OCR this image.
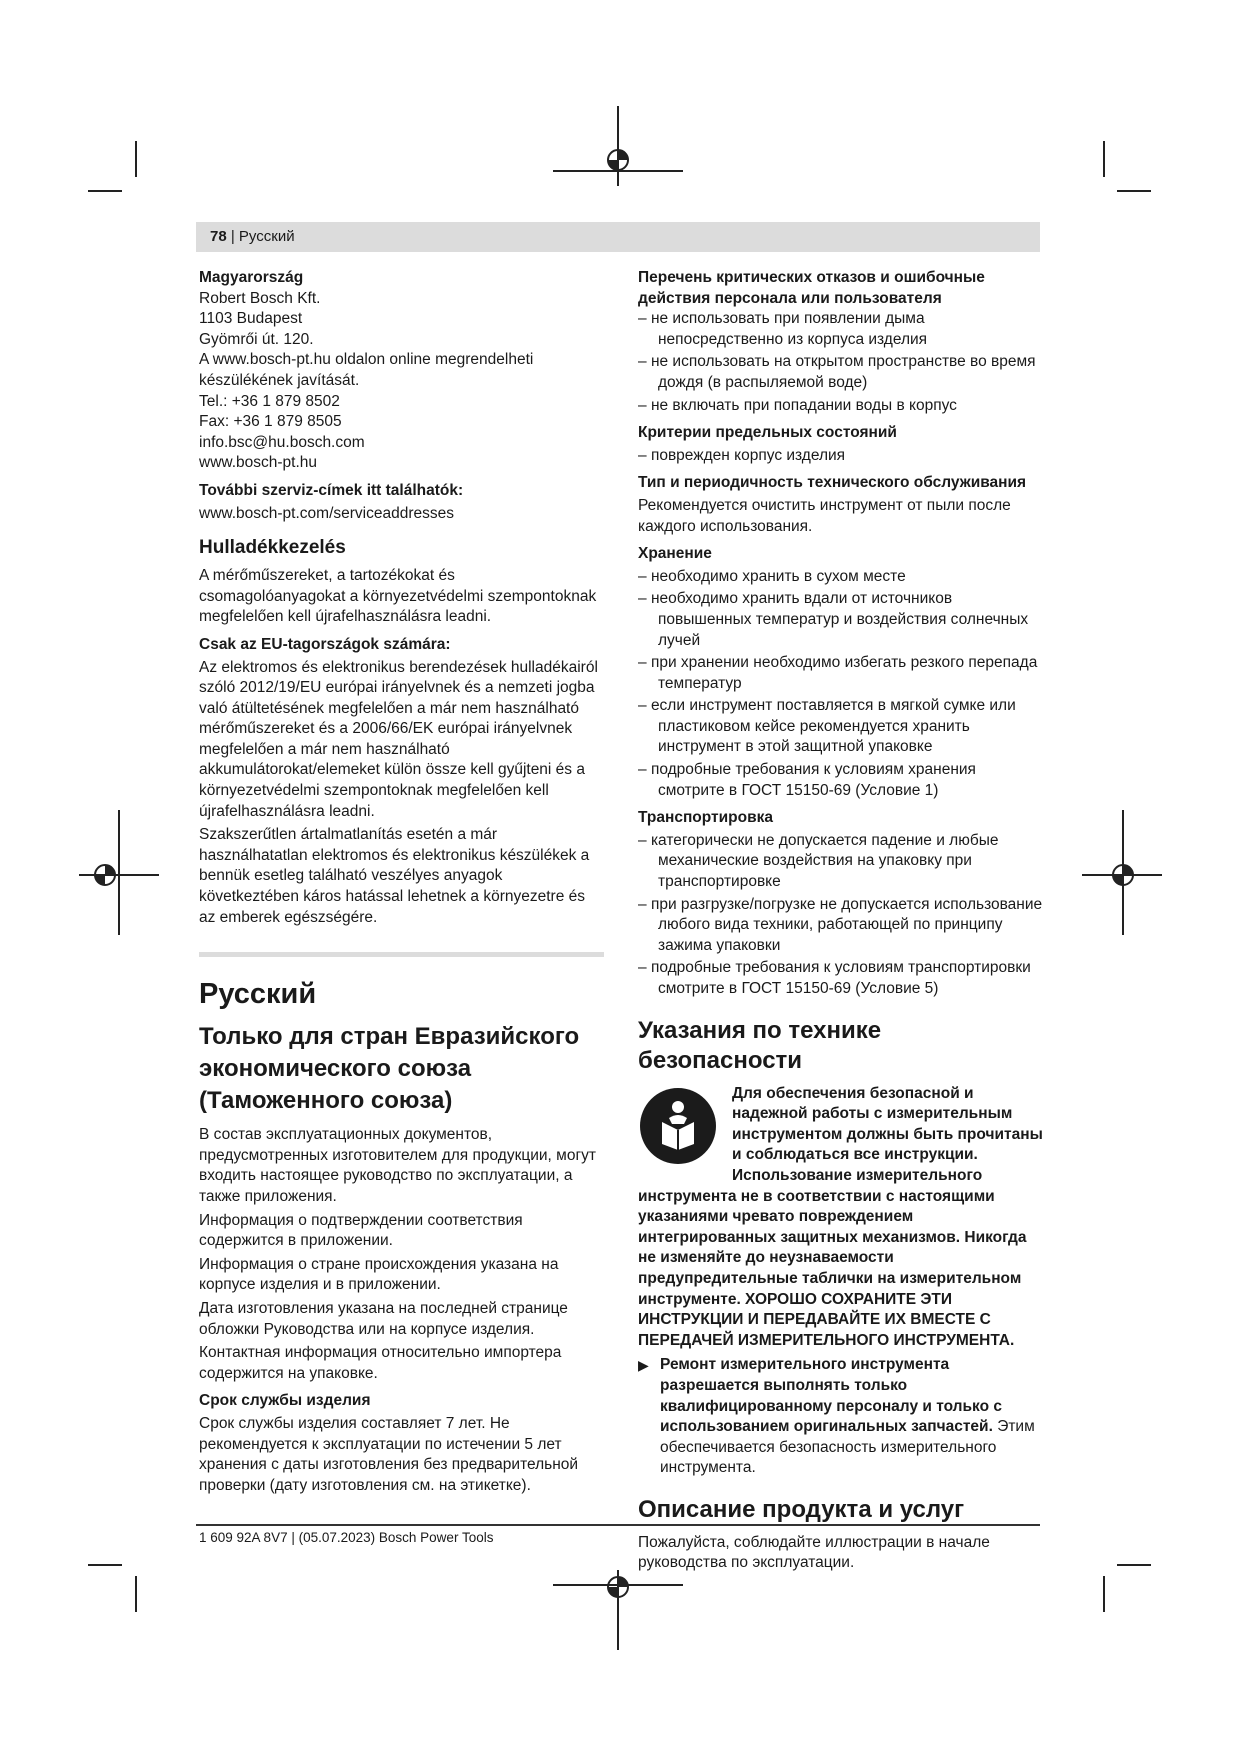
78 | Русский
Magyarország
Robert Bosch Kft.
1103 Budapest
Gyömrői út. 120.
A www.bosch-pt.hu oldalon online megrendelheti készülékének javítását.
Tel.: +36 1 879 8502
Fax: +36 1 879 8505
info.bsc@hu.bosch.com
www.bosch-pt.hu
További szerviz-címek itt találhatók:
www.bosch-pt.com/serviceaddresses
Hulladékkezelés

A mérőműszereket, a tartozékokat és csomagolóanyagokat a környezetvédelmi szempontoknak megfelelően kell újrafelhasználásra leadni.

Csak az EU-tagországok számára:

Az elektromos és elektronikus berendezések hulladékairól szóló 2012/19/EU európai irányelvnek és a nemzeti jogba való átültetésének megfelelően a már nem használható mérőműszereket és a 2006/66/EK európai irányelvnek megfelelően a már nem használható akkumulátorokat/elemeket külön össze kell gyűjteni és a környezetvédelmi szempontoknak megfelelően kell újrafelhasználásra leadni.

Szakszerűtlen ártalmatlanítás esetén a már használhatatlan elektromos és elektronikus készülékek a bennük esetleg található veszélyes anyagok következtében káros hatással lehetnek a környezetre és az emberek egészségére.

Русский
Только для стран Евразийского экономического союза (Таможенного союза)

В состав эксплуатационных документов, предусмотренных изготовителем для продукции, могут входить настоящее руководство по эксплуатации, а также приложения.

Информация о подтверждении соответствия содержится в приложении.

Информация о стране происхождения указана на корпусе изделия и в приложении.

Дата изготовления указана на последней странице обложки Руководства или на корпусе изделия.

Контактная информация относительно импортера содержится на упаковке.

Срок службы изделия

Срок службы изделия составляет 7 лет. Не рекомендуется к эксплуатации по истечении 5 лет хранения с даты изготовления без предварительной проверки (дату изготовления см. на этикетке).

Перечень критических отказов и ошибочные действия персонала или пользователя
– не использовать при появлении дыма непосредственно из корпуса изделия
– не использовать на открытом пространстве во время дождя (в распыляемой воде)
– не включать при попадании воды в корпус
Критерии предельных состояний
– поврежден корпус изделия
Тип и периодичность технического обслуживания

Рекомендуется очистить инструмент от пыли после каждого использования.

Хранение
– необходимо хранить в сухом месте
– необходимо хранить вдали от источников повышенных температур и воздействия солнечных лучей
– при хранении необходимо избегать резкого перепада температур
– если инструмент поставляется в мягкой сумке или пластиковом кейсе рекомендуется хранить инструмент в этой защитной упаковке
– подробные требования к условиям хранения смотрите в ГОСТ 15150-69 (Условие 1)
Транспортировка
– категорически не допускается падение и любые механические воздействия на упаковку при транспортировке
– при разгрузке/погрузке не допускается использование любого вида техники, работающей по принципу зажима упаковки
– подробные требования к условиям транспортировки смотрите в ГОСТ 15150-69 (Условие 5)
Указания по технике безопасности
Для обеспечения безопасной и надежной работы с измерительным инструментом должны быть прочитаны и соблюдаться все инструкции. Использование измерительного инструмента не в соответствии с настоящими указаниями чревато повреждением интегрированных защитных механизмов. Никогда не изменяйте до неузнаваемости предупредительные таблички на измерительном инструменте. ХОРОШО СОХРАНИТЕ ЭТИ ИНСТРУКЦИИ И ПЕРЕДАВАЙТЕ ИХ ВМЕСТЕ С ПЕРЕДАЧЕЙ ИЗМЕРИТЕЛЬНОГО ИНСТРУМЕНТА.
▶ Ремонт измерительного инструмента разрешается выполнять только квалифицированному персоналу и только с использованием оригинальных запчастей. Этим обеспечивается безопасность измерительного инструмента.
Описание продукта и услуг

Пожалуйста, соблюдайте иллюстрации в начале руководства по эксплуатации.

1 609 92A 8V7 | (05.07.2023) Bosch Power Tools
